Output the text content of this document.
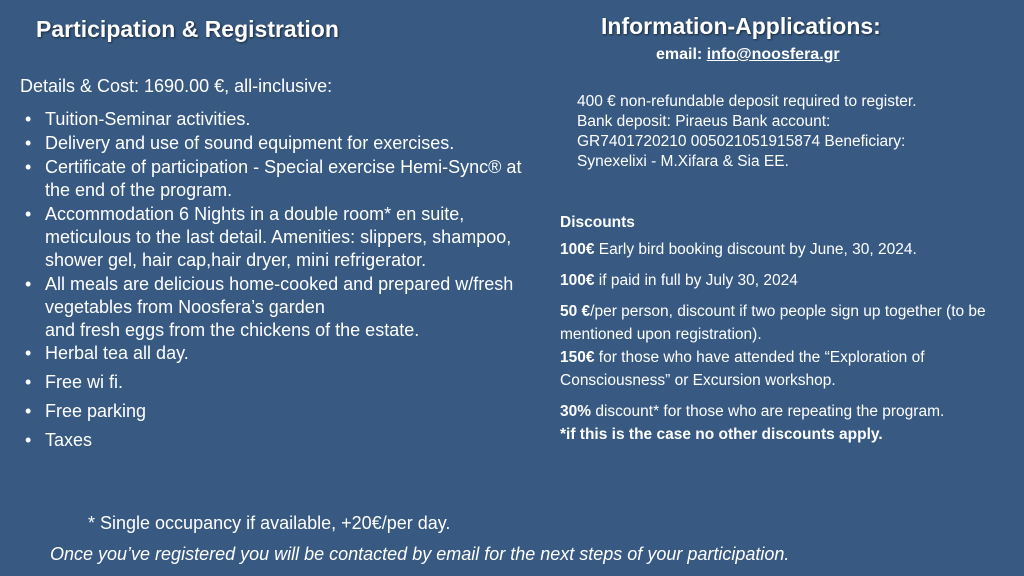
Participation & Registration
Details & Cost: 1690.00 €, all-inclusive:
• Tuition-Seminar activities.
• Delivery and use of sound equipment for exercises.
• Certificate of participation - Special exercise Hemi-Sync® at the end of the program.
• Accommodation 6 Nights in a double room* en suite, meticulous to the last detail. Amenities: slippers, shampoo, shower gel, hair cap,hair dryer, mini refrigerator.
• All meals are delicious home-cooked and prepared w/fresh vegetables from Noosfera’s garden
and fresh eggs from the chickens of the estate.
• Herbal tea all day.
• Free wi fi.
• Free parking
• Taxes
* Single occupancy if available, +20€/per day.
Information-Applications:
email: info@noosfera.gr
400 € non-refundable deposit required to register.
Bank deposit: Piraeus Bank account:
GR7401720210 005021051915874 Beneficiary:
Synexelixi - M.Xifara & Sia EE.
Discounts

100€ Early bird booking discount by June, 30, 2024.

100€ if paid in full by July 30, 2024

50 €/per person, discount if two people sign up together (to be mentioned upon registration).

150€ for those who have attended the “Exploration of Consciousness” or Excursion workshop.

30% discount* for those who are repeating the program.

*if this is the case no other discounts apply.

Once you’ve registered you will be contacted by email for the next steps of your participation.
